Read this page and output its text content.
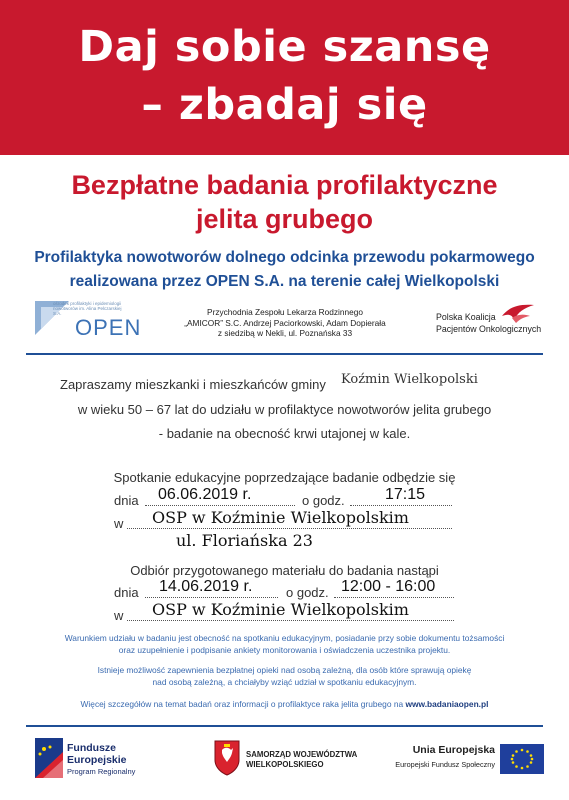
Daj sobie szansę
– zbadaj się
Bezpłatne badania profilaktyczne
jelita grubego
Profilaktyka nowotworów dolnego odcinka przewodu pokarmowego
realizowana przez OPEN S.A. na terenie całej Wielkopolski
ośrodek profilaktyki i epidemiologii nowotworów im. Alina Pelczarskiej S.A.
OPEN
Przychodnia Zespołu Lekarza Rodzinnego
„AMICOR” S.C. Andrzej Paciorkowski, Adam Dopierała
z siedzibą w Nekli, ul. Poznańska 33
Polska Koalicja
Pacjentów Onkologicznych
Zapraszamy mieszkanki i mieszkańców gminy Koźmin Wielkopolski
w wieku 50 – 67 lat do udziału w profilaktyce nowotworów jelita grubego
- badanie na obecność krwi utajonej w kale.
Spotkanie edukacyjne poprzedzające badanie odbędzie się
dnia 06.06.2019 r.	o godz.	17:15
w OSP w Koźminie Wielkopolskim
ul. Floriańska 23
Odbiór przygotowanego materiału do badania nastąpi
dnia 14.06.2019 r.	o godz. 12:00 - 16:00
w OSP w Koźminie Wielkopolskim
Warunkiem udziału w badaniu jest obecność na spotkaniu edukacyjnym, posiadanie przy sobie dokumentu tożsamości
oraz uzupełnienie i podpisanie ankiety monitorowania i oświadczenia uczestnika projektu.
Istnieje możliwość zapewnienia bezpłatnej opieki nad osobą zależną, dla osób które sprawują opiekę
nad osobą zależną, a chciałyby wziąć udział w spotkaniu edukacyjnym.
Więcej szczegółów na temat badań oraz informacji o profilaktyce raka jelita grubego na www.badaniaopen.pl
Fundusze
Europejskie
Program Regionalny
SAMORZĄD WOJEWÓDZTWA
WIELKOPOLSKIEGO
Unia Europejska
Europejski Fundusz Społeczny
